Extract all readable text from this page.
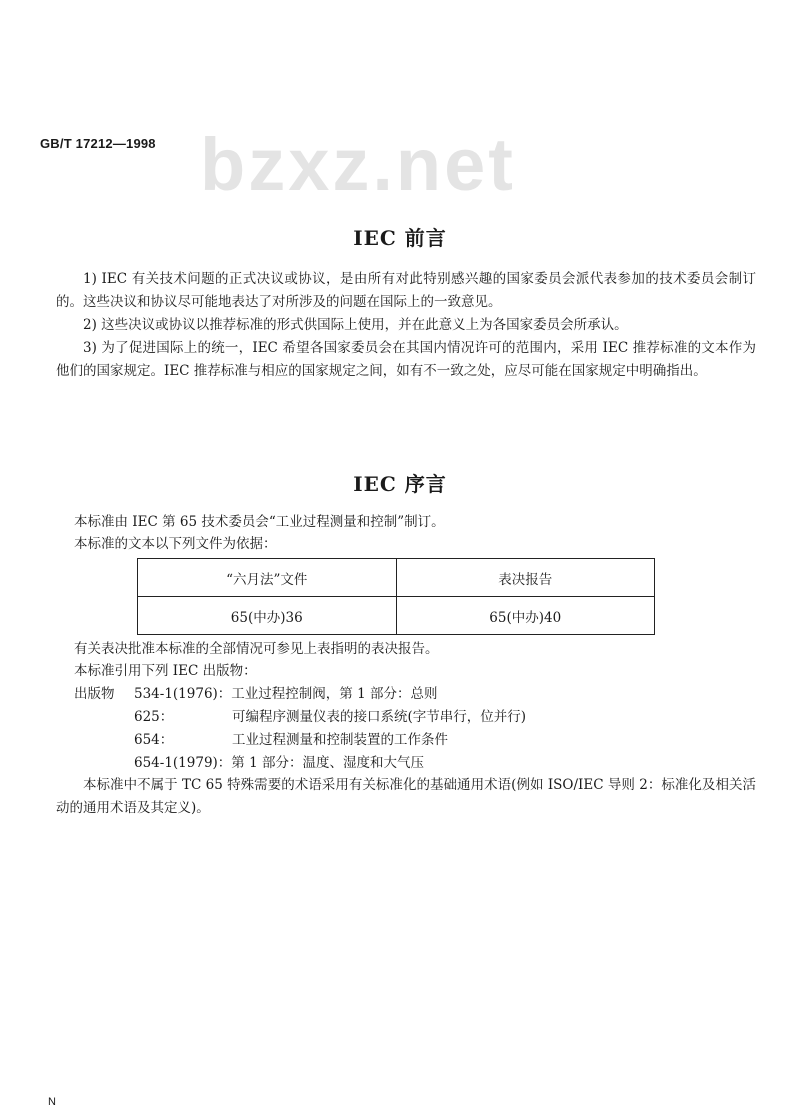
GB/T 17212—1998 bzxz.net
IEC 前言

1) IEC 有关技术问题的正式决议或协议，是由所有对此特别感兴趣的国家委员会派代表参加的技术委员会制订的。这些决议和协议尽可能地表达了对所涉及的问题在国际上的一致意见。

2) 这些决议或协议以推荐标准的形式供国际上使用，并在此意义上为各国家委员会所承认。

3) 为了促进国际上的统一，IEC 希望各国家委员会在其国内情况许可的范围内，采用 IEC 推荐标准的文本作为他们的国家规定。IEC 推荐标准与相应的国家规定之间，如有不一致之处，应尽可能在国家规定中明确指出。

IEC 序言
本标准由 IEC 第 65 技术委员会“工业过程测量和控制”制订。
本标准的文本以下列文件为依据：
“六月法”文件	表决报告
65(中办)36	65(中办)40
有关表决批准本标准的全部情况可参见上表指明的表决报告。
本标准引用下列 IEC 出版物：
出版物 534-1(1976)：工业过程控制阀，第 1 部分：总则
625：	可编程序测量仪表的接口系统(字节串行，位并行)
654：	工业过程测量和控制装置的工作条件
654-1(1979)：第 1 部分：温度、湿度和大气压

本标准中不属于 TC 65 特殊需要的术语采用有关标准化的基础通用术语(例如 ISO/IEC 导则 2：标准化及相关活动的通用术语及其定义)。

N
